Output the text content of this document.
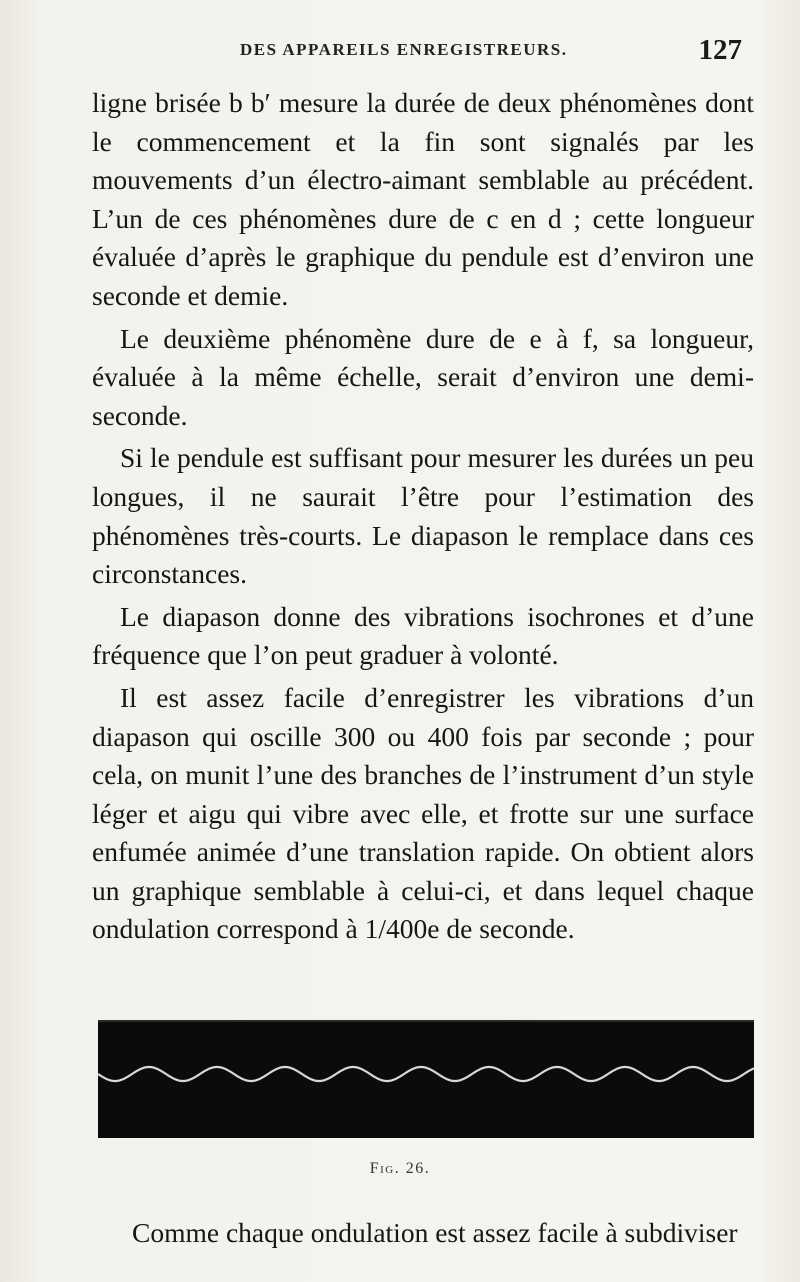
DES APPAREILS ENREGISTREURS.	127

ligne brisée b b′ mesure la durée de deux phénomènes dont le commencement et la fin sont signalés par les mouvements d’un électro-aimant semblable au précédent. L’un de ces phénomènes dure de c en d ; cette longueur évaluée d’après le graphique du pendule est d’environ une seconde et demie.

Le deuxième phénomène dure de e à f, sa longueur, évaluée à la même échelle, serait d’environ une demi-seconde.

Si le pendule est suffisant pour mesurer les durées un peu longues, il ne saurait l’être pour l’estimation des phénomènes très-courts. Le diapason le remplace dans ces circonstances.

Le diapason donne des vibrations isochrones et d’une fréquence que l’on peut graduer à volonté.

Il est assez facile d’enregistrer les vibrations d’un diapason qui oscille 300 ou 400 fois par seconde ; pour cela, on munit l’une des branches de l’instrument d’un style léger et aigu qui vibre avec elle, et frotte sur une surface enfumée animée d’une translation rapide. On obtient alors un graphique semblable à celui-ci, et dans lequel chaque ondulation correspond à 1/400e de seconde.

Fig. 26.
Comme chaque ondulation est assez facile à subdiviser
